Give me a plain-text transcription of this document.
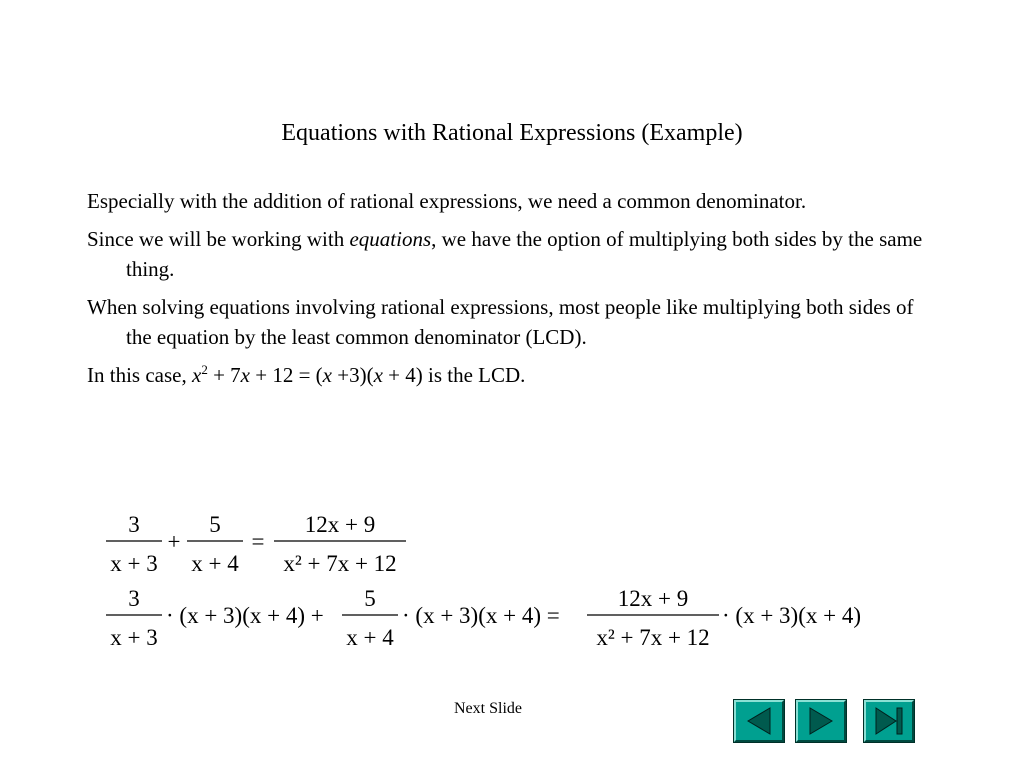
Equations with Rational Expressions (Example)

Especially with the addition of rational expressions, we need a common denominator.

Since we will be working with equations, we have the option of multiplying both sides by the same thing.

When solving equations involving rational expressions, most people like multiplying both sides of the equation by the least common denominator (LCD).

In this case, $x^2 + 7x + 12 = (x +3)(x + 4)$ is the LCD.

3
x + 3
+
5
x + 4
=
12x + 9
x² + 7x + 12
3
x + 3
· (x + 3)(x + 4) +
5
x + 4
· (x + 3)(x + 4) =
12x + 9
x² + 7x + 12
· (x + 3)(x + 4)
Next Slide
